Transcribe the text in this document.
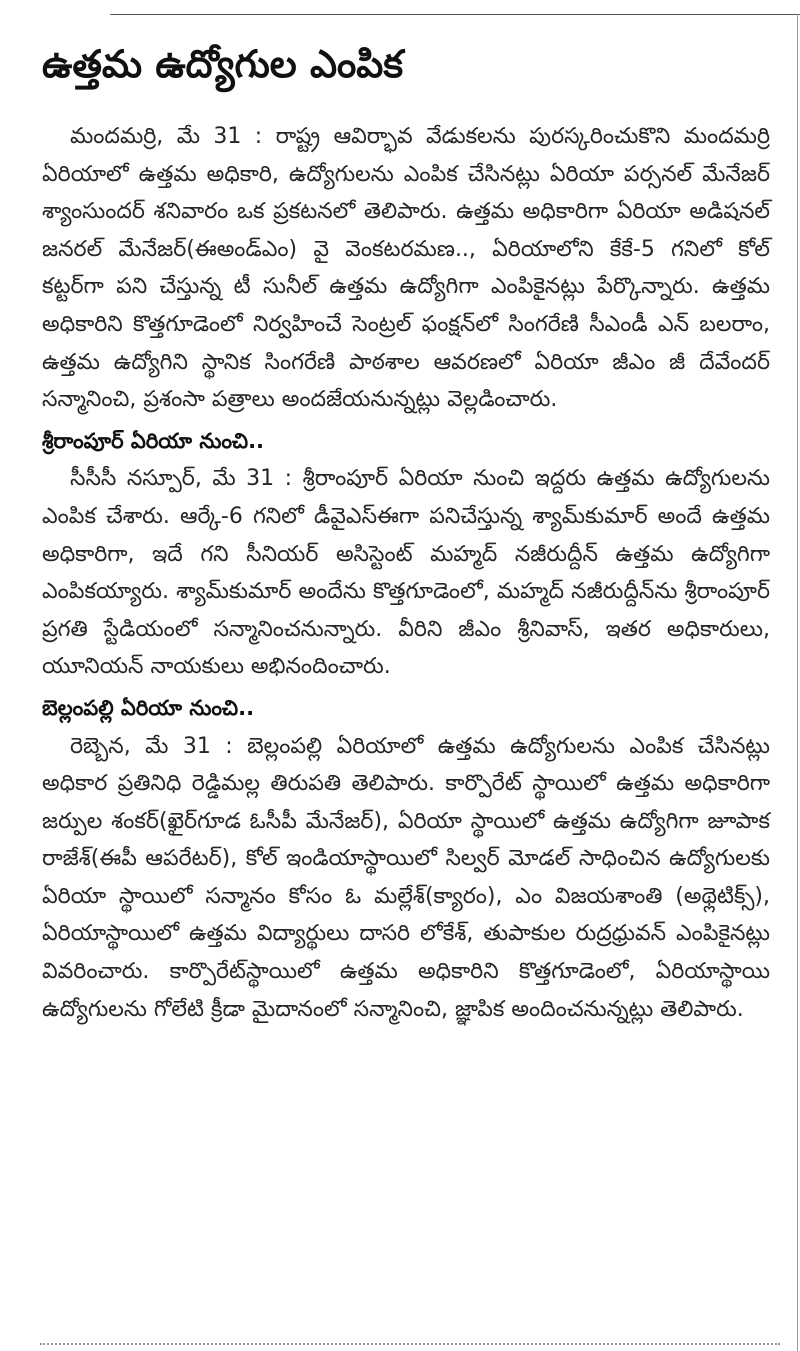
ఉత్తమ ఉద్యోగుల ఎంపిక

మందమర్రి, మే 31 : రాష్ట్ర ఆవిర్భావ వేడుకలను పురస్కరించుకొని మందమర్రి ఏరియాలో ఉత్తమ అధికారి, ఉద్యోగులను ఎంపిక చేసినట్లు ఏరియా పర్సనల్ మేనేజర్ శ్యాంసుందర్ శనివారం ఒక ప్రకటనలో తెలిపారు. ఉత్తమ అధికారిగా ఏరియా అడిషనల్ జనరల్ మేనేజర్(ఈఅండ్ఎం) వై వెంకటరమణ.., ఏరియాలోని కేకే-5 గనిలో కోల్ కట్టర్‌గా పని చేస్తున్న టీ సునీల్ ఉత్తమ ఉద్యోగిగా ఎంపికైనట్లు పేర్కొన్నారు. ఉత్తమ అధికారిని కొత్తగూడెంలో నిర్వహించే సెంట్రల్ ఫంక్షన్‌లో సింగరేణి సీఎండీ ఎన్ బలరాం, ఉత్తమ ఉద్యోగిని స్థానిక సింగరేణి పాఠశాల ఆవరణలో ఏరియా జీఎం జీ దేవేందర్ సన్మానించి, ప్రశంసా పత్రాలు అందజేయనున్నట్లు వెల్లడించారు.

శ్రీరాంపూర్ ఏరియా నుంచి..

సీసీసీ నస్పూర్, మే 31 : శ్రీరాంపూర్ ఏరియా నుంచి ఇద్దరు ఉత్తమ ఉద్యోగులను ఎంపిక చేశారు. ఆర్కే-6 గనిలో డీవైఎస్ఈగా పనిచేస్తున్న శ్యామ్‌కుమార్ అందే ఉత్తమ అధికారిగా, ఇదే గని సీనియర్ అసిస్టెంట్ మహ్మద్ నజీరుద్దీన్ ఉత్తమ ఉద్యోగిగా ఎంపికయ్యారు. శ్యామ్‌కుమార్ అందేను కొత్తగూడెంలో, మహ్మద్ నజీరుద్దీన్‌ను శ్రీరాంపూర్ ప్రగతి స్టేడియంలో సన్మానించనున్నారు. వీరిని జీఎం శ్రీనివాస్, ఇతర అధికారులు, యూనియన్ నాయకులు అభినందించారు.

బెల్లంపల్లి ఏరియా నుంచి..

రెబ్బెన, మే 31 : బెల్లంపల్లి ఏరియాలో ఉత్తమ ఉద్యోగులను ఎంపిక చేసినట్లు అధికార ప్రతినిధి రెడ్డిమల్ల తిరుపతి తెలిపారు. కార్పొరేట్ స్థాయిలో ఉత్తమ అధికారిగా జర్పుల శంకర్(ఖైర్‌గూడ ఓసీపీ మేనేజర్), ఏరియా స్థాయిలో ఉత్తమ ఉద్యోగిగా జూపాక రాజేశ్(ఈపీ ఆపరేటర్), కోల్ ఇండియాస్థాయిలో సిల్వర్ మోడల్ సాధించిన ఉద్యోగులకు ఏరియా స్థాయిలో సన్మానం కోసం ఓ మల్లేశ్(క్యారం), ఎం విజయశాంతి (అథ్లెటిక్స్), ఏరియాస్థాయిలో ఉత్తమ విద్యార్థులు దాసరి లోకేశ్, తుపాకుల రుద్రధ్రువన్ ఎంపికైనట్లు వివరించారు. కార్పొరేట్‌స్థాయిలో ఉత్తమ అధికారిని కొత్తగూడెంలో, ఏరియాస్థాయి ఉద్యోగులను గోలేటి క్రీడా మైదానంలో సన్మానించి, జ్ఞాపిక అందించనున్నట్లు తెలిపారు.
